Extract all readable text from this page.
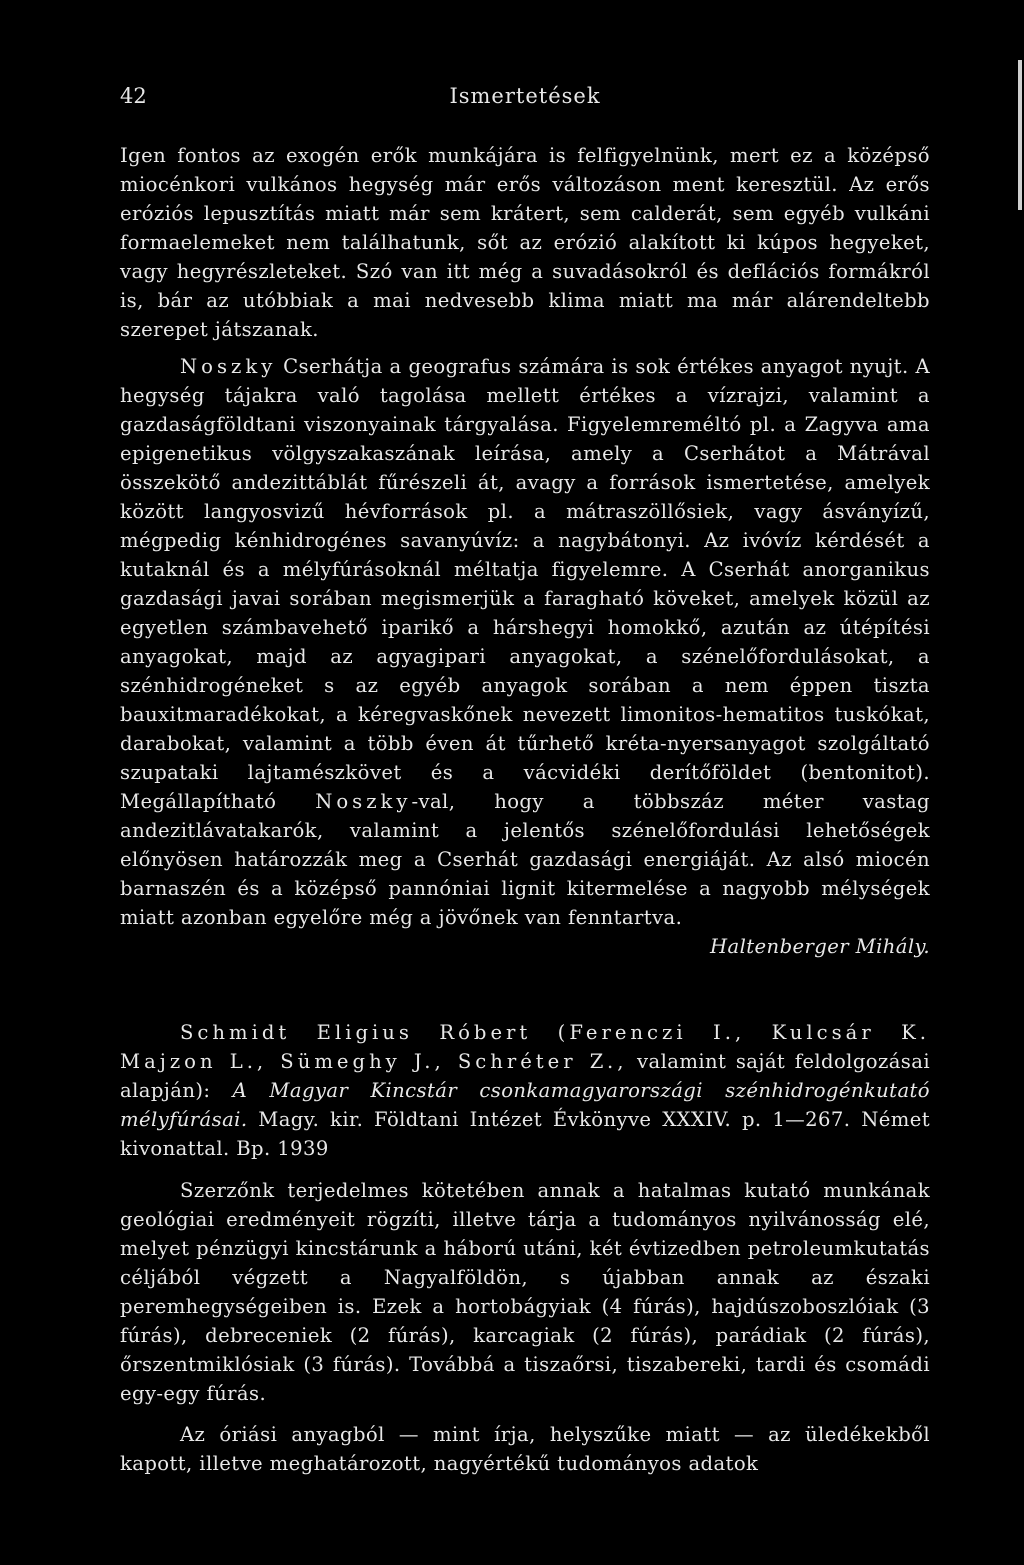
42	Ismertetések

Igen fontos az exogén erők munkájára is felfigyelnünk, mert ez a középső miocénkori vulkános hegység már erős változáson ment keresztül. Az erős eróziós lepusztítás miatt már sem krátert, sem calderát, sem egyéb vulkáni formaelemeket nem találhatunk, sőt az erózió alakított ki kúpos hegyeket, vagy hegyrészleteket. Szó van itt még a suvadásokról és deflációs formákról is, bár az utóbbiak a mai nedvesebb klima miatt ma már alárendeltebb szerepet játszanak.

Noszky Cserhátja a geografus számára is sok értékes anyagot nyujt. A hegység tájakra való tagolása mellett értékes a vízrajzi, valamint a gazdaságföldtani viszonyainak tárgyalása. Figyelemreméltó pl. a Zagyva ama epigenetikus völgyszakaszának leírása, amely a Cserhátot a Mátrával összekötő andezittáblát fűrészeli át, avagy a források ismertetése, amelyek között langyosvizű hévforrások pl. a mátraszöllősiek, vagy ásványízű, mégpedig kénhidrogénes savanyúvíz: a nagybátonyi. Az ivóvíz kérdését a kutaknál és a mélyfúrásoknál méltatja figyelemre. A Cserhát anorganikus gazdasági javai sorában megismerjük a faragható köveket, amelyek közül az egyetlen számbavehető iparikő a hárshegyi homokkő, azután az útépítési anyagokat, majd az agyagipari anyagokat, a szénelőfordulásokat, a szénhidrogéneket s az egyéb anyagok sorában a nem éppen tiszta bauxitmaradékokat, a kéregvaskőnek nevezett limonitos-hematitos tuskókat, darabokat, valamint a több éven át tűrhető kréta-nyersanyagot szolgáltató szupataki lajtamészkövet és a vácvidéki derítőföldet (bentonitot). Megállapítható Noszky-val, hogy a többszáz méter vastag andezitlávatakarók, valamint a jelentős szénelőfordulási lehetőségek előnyösen határozzák meg a Cserhát gazdasági energiáját. Az alsó miocén barnaszén és a középső pannóniai lignit kitermelése a nagyobb mélységek miatt azonban egyelőre még a jövőnek van fenntartva.

Haltenberger Mihály.

Schmidt Eligius Róbert (Ferenczi I., Kulcsár K. Majzon L., Sümeghy J., Schréter Z., valamint saját feldolgozásai alapján): A Magyar Kincstár csonkamagyarországi szénhidrogénkutató mélyfúrásai. Magy. kir. Földtani Intézet Évkönyve XXXIV. p. 1—267. Német kivonattal. Bp. 1939

Szerzőnk terjedelmes kötetében annak a hatalmas kutató munkának geológiai eredményeit rögzíti, illetve tárja a tudományos nyilvánosság elé, melyet pénzügyi kincstárunk a háború utáni, két évtizedben petroleumkutatás céljából végzett a Nagyalföldön, s újabban annak az északi peremhegységeiben is. Ezek a hortobágyiak (4 fúrás), hajdúszoboszlóiak (3 fúrás), debreceniek (2 fúrás), karcagiak (2 fúrás), parádiak (2 fúrás), őrszentmiklósiak (3 fúrás). Továbbá a tiszaőrsi, tiszabereki, tardi és csomádi egy-egy fúrás.

Az óriási anyagból — mint írja, helyszűke miatt — az üledékekből kapott, illetve meghatározott, nagyértékű tudományos adatok
